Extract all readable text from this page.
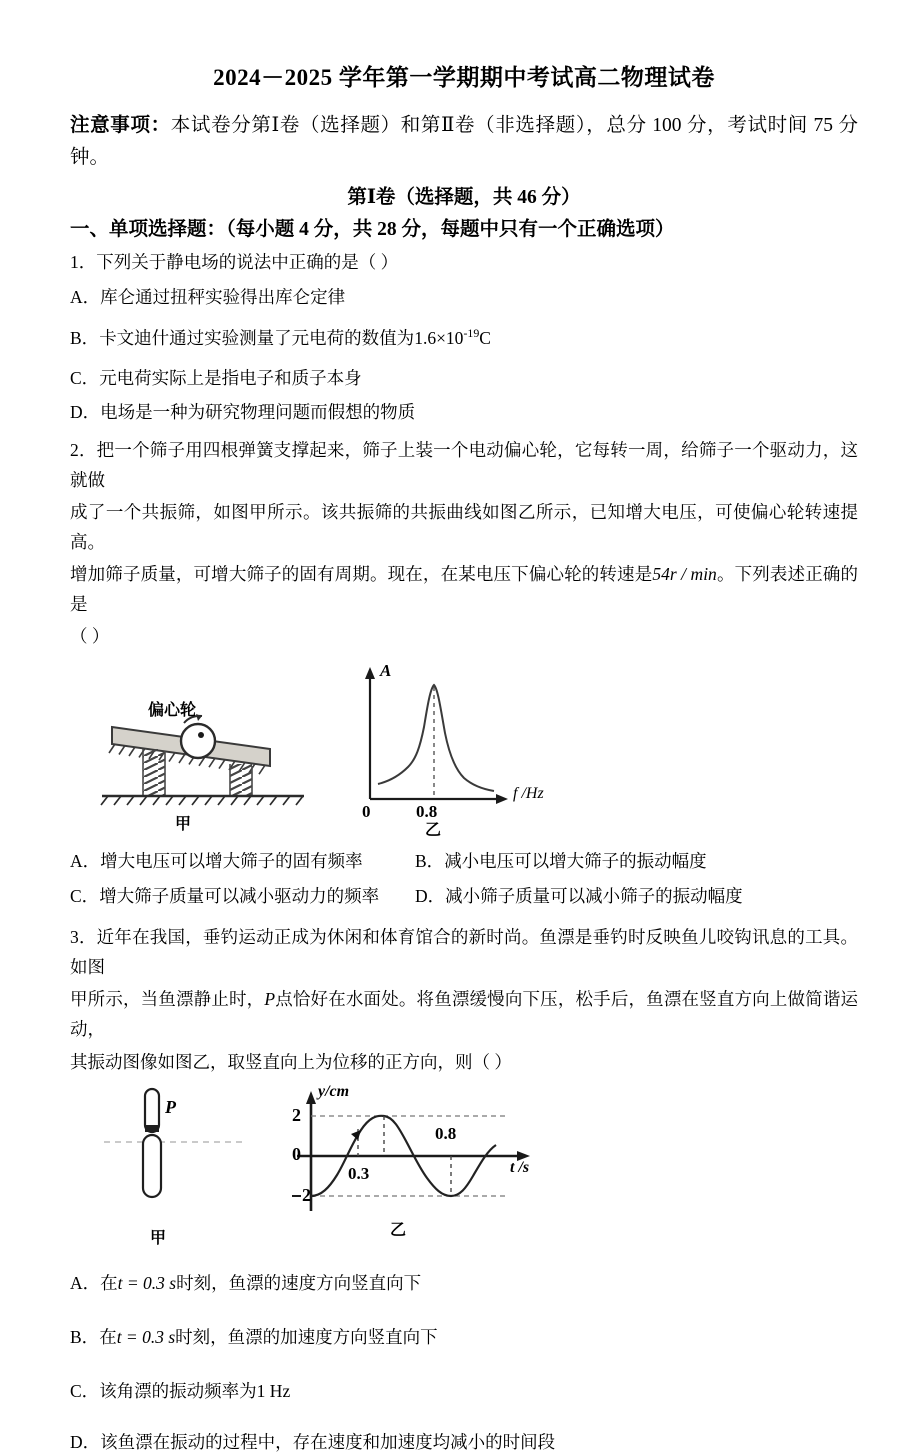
2024－2025 学年第一学期期中考试高二物理试卷
注意事项：本试卷分第Ⅰ卷（选择题）和第Ⅱ卷（非选择题），总分 100 分，考试时间 75 分钟。
第Ⅰ卷（选择题，共 46 分）
一、单项选择题：（每小题 4 分，共 28 分，每题中只有一个正确选项）
1．下列关于静电场的说法中正确的是（ ）
A．库仑通过扭秤实验得出库仑定律
B．卡文迪什通过实验测量了元电荷的数值为$1.6\times 10^{-19}C$
C．元电荷实际上是指电子和质子本身
D．电场是一种为研究物理问题而假想的物质
2．把一个筛子用四根弹簧支撑起来，筛子上装一个电动偏心轮，它每转一周，给筛子一个驱动力，这就做
成了一个共振筛，如图甲所示。该共振筛的共振曲线如图乙所示，已知增大电压，可使偏心轮转速提高。
增加筛子质量，可增大筛子的固有周期。现在，在某电压下偏心轮的转速是54r / min。下列表述正确的是
（ ）
偏心轮
甲
A
f /Hz
0	0.8
乙
A．增大电压可以增大筛子的固有频率	B．减小电压可以增大筛子的振动幅度
C．增大筛子质量可以减小驱动力的频率	D．减小筛子质量可以减小筛子的振动幅度
3．近年在我国，垂钓运动正成为休闲和体育馆合的新时尚。鱼漂是垂钓时反映鱼儿咬钩讯息的工具。如图
甲所示，当鱼漂静止时，P点恰好在水面处。将鱼漂缓慢向下压，松手后，鱼漂在竖直方向上做简谐运动，
其振动图像如图乙，取竖直向上为位移的正方向，则（ ）
P
甲
y/cm
t /s
2
0
2
0.3
0.8
乙
A．在t = 0.3 s时刻，鱼漂的速度方向竖直向下
B．在t = 0.3 s时刻，鱼漂的加速度方向竖直向下
C．该角漂的振动频率为1 Hz
D．该鱼漂在振动的过程中，存在速度和加速度均减小的时间段
